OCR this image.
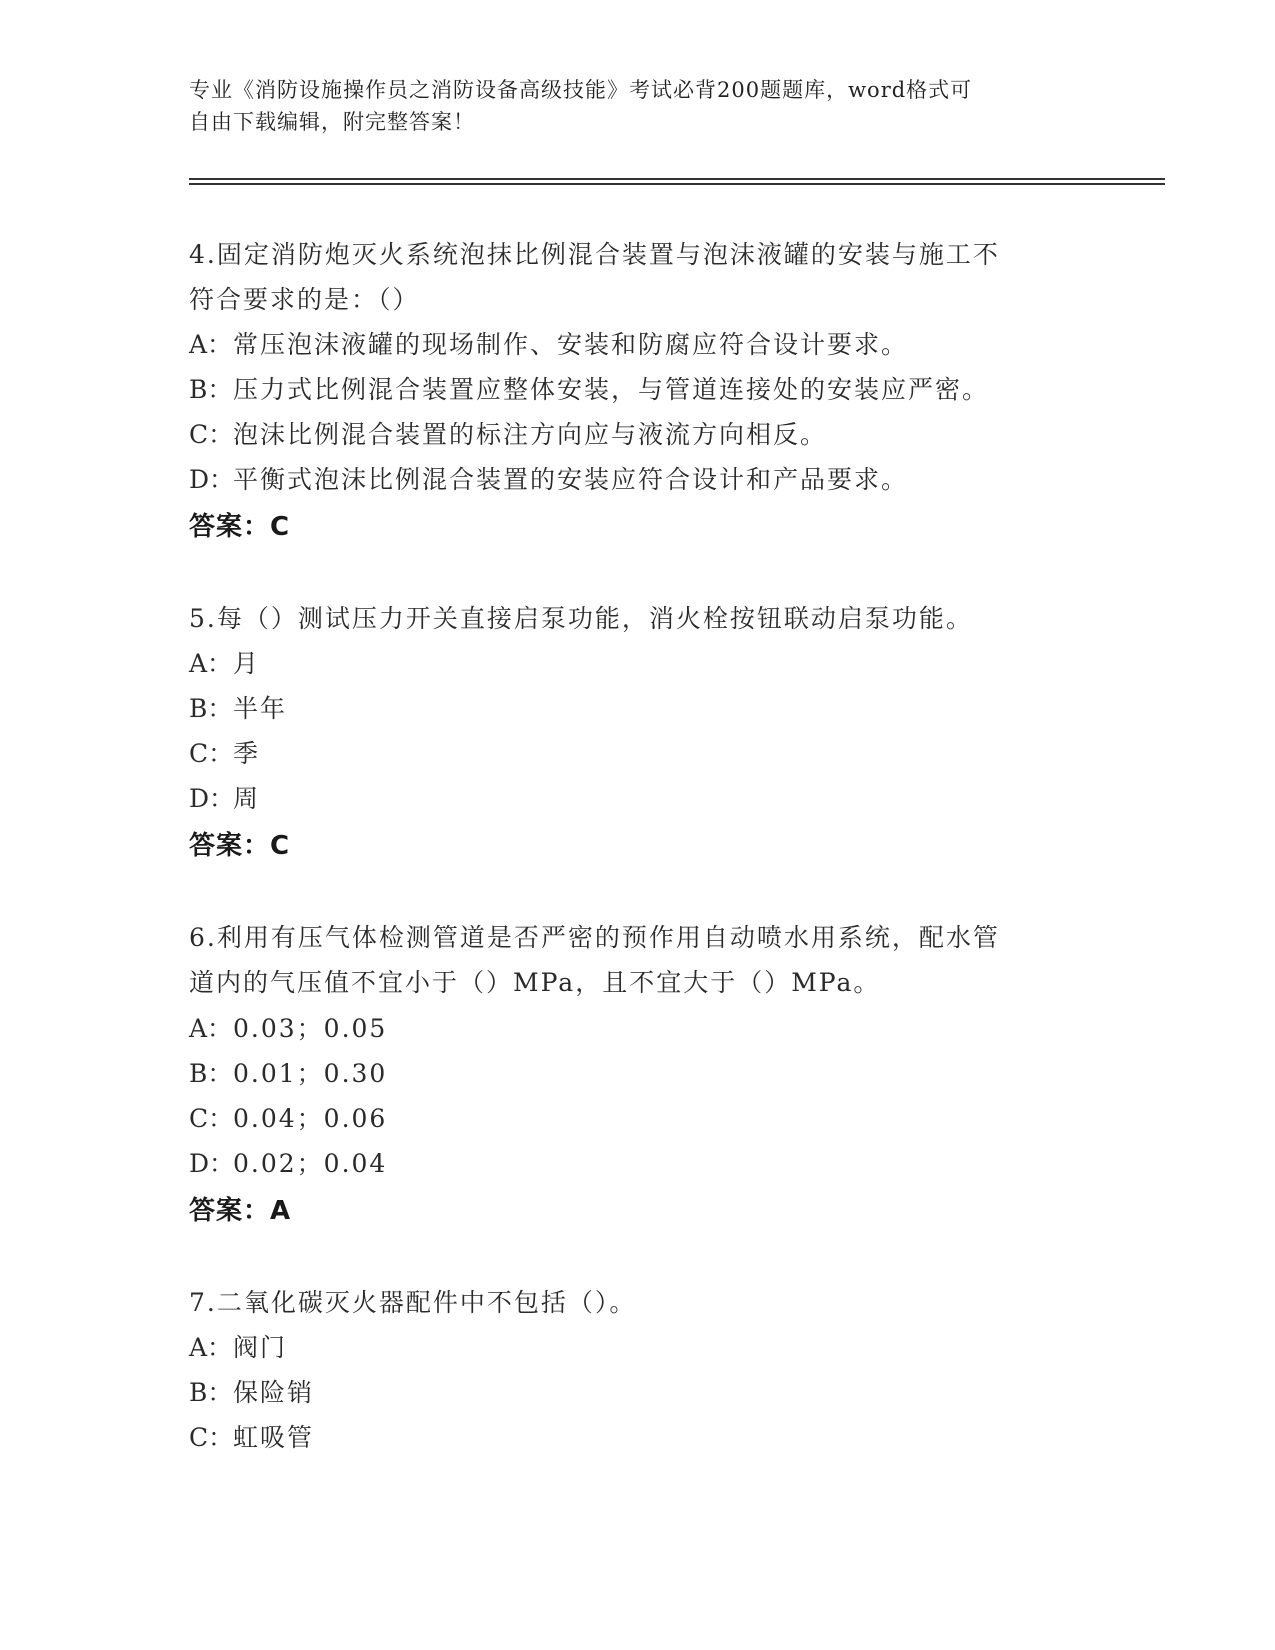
专业《消防设施操作员之消防设备高级技能》考试必背200题题库，word格式可
自由下载编辑，附完整答案！
4.固定消防炮灭火系统泡抹比例混合装置与泡沫液罐的安装与施工不
符合要求的是：（）
A：常压泡沫液罐的现场制作、安装和防腐应符合设计要求。
B：压力式比例混合装置应整体安装，与管道连接处的安装应严密。
C：泡沫比例混合装置的标注方向应与液流方向相反。
D：平衡式泡沫比例混合装置的安装应符合设计和产品要求。
答案：C
5.每（）测试压力开关直接启泵功能，消火栓按钮联动启泵功能。
A：月
B：半年
C：季
D：周
答案：C
6.利用有压气体检测管道是否严密的预作用自动喷水用系统，配水管
道内的气压值不宜小于（）MPa，且不宜大于（）MPa。
A：0.03；0.05
B：0.01；0.30
C：0.04；0.06
D：0.02；0.04
答案：A
7.二氧化碳灭火器配件中不包括（）。
A：阀门
B：保险销
C：虹吸管
